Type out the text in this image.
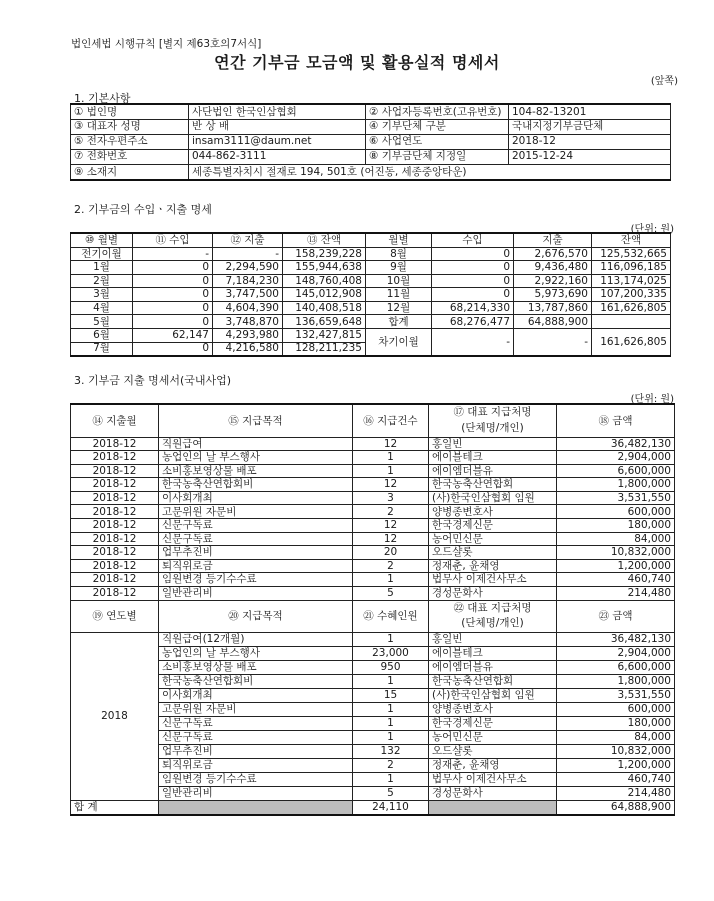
법인세법 시행규칙 [별지 제63호의7서식]
연간 기부금 모금액 및 활용실적 명세서
(앞쪽)
1. 기본사항
① 법인명	사단법인 한국인삼협회	② 사업자등록번호(고유번호)	104-82-13201
③ 대표자 성명	반 상 배	④ 기부단체 구분	국내지정기부금단체
⑤ 전자우편주소	insam3111@daum.net	⑥ 사업연도	2018-12
⑦ 전화번호	044-862-3111	⑧ 기부금단체 지정일	2015-12-24
⑨ 소재지	세종특별자치시 절재로 194, 501호 (어진동, 세종중앙타운)		
2. 기부금의 수입ㆍ지출 명세
(단위: 원)
⑩ 월별	⑪ 수입	⑫ 지출	⑬ 잔액	월별	수입	지출	잔액
전기이월	-	-	158,239,228	8월	0	2,676,570	125,532,665
1월	0	2,294,590	155,944,638	9월	0	9,436,480	116,096,185
2월	0	7,184,230	148,760,408	10월	0	2,922,160	113,174,025
3월	0	3,747,500	145,012,908	11월	0	5,973,690	107,200,335
4월	0	4,604,390	140,408,518	12월	68,214,330	13,787,860	161,626,805
5월	0	3,748,870	136,659,648	합계	68,276,477	64,888,900	
6월	62,147	4,293,980	132,427,815	차기이월	-	-	161,626,805
7월	0	4,216,580	128,211,235				
3. 기부금 지출 명세서(국내사업)
(단위: 원)
⑭ 지출월	⑮ 지급목적	⑯ 지급건수	⑰ 대표 지급처명
(단체명/개인)	⑱ 금액
2018-12	직원급여	12	홍일빈	36,482,130
2018-12	농업인의 날 부스행사	1	에이블테크	2,904,000
2018-12	소비홍보영상물 배포	1	에이엠더블유	6,600,000
2018-12	한국농축산연합회비	12	한국농축산연합회	1,800,000
2018-12	이사회개최	3	(사)한국인삼협회 임원	3,531,550
2018-12	고문위원 자문비	2	양병종변호사	600,000
2018-12	신문구독료	12	한국경제신문	180,000
2018-12	신문구독료	12	농어민신문	84,000
2018-12	업무추진비	20	오드샬롯	10,832,000
2018-12	퇴직위로금	2	정재춘, 윤채영	1,200,000
2018-12	임원변경 등기수수료	1	법무사 이제건사무소	460,740
2018-12	일반관리비	5	경성문화사	214,480
⑲ 연도별	⑳ 지급목적	㉑ 수혜인원	㉒ 대표 지급처명
(단체명/개인)	㉓ 금액
2018	직원급여(12개월)	1	홍일빈	36,482,130
	농업인의 날 부스행사	23,000	에이블테크	2,904,000
	소비홍보영상물 배포	950	에이엠더블유	6,600,000
	한국농축산연합회비	1	한국농축산연합회	1,800,000
	이사회개최	15	(사)한국인삼협회 임원	3,531,550
	고문위원 자문비	1	양병종변호사	600,000
	신문구독료	1	한국경제신문	180,000
	신문구독료	1	농어민신문	84,000
	업무추진비	132	오드샬롯	10,832,000
	퇴직위로금	2	정재춘, 윤채영	1,200,000
	임원변경 등기수수료	1	법무사 이제건사무소	460,740
	일반관리비	5	경성문화사	214,480
합 계		24,110		64,888,900
